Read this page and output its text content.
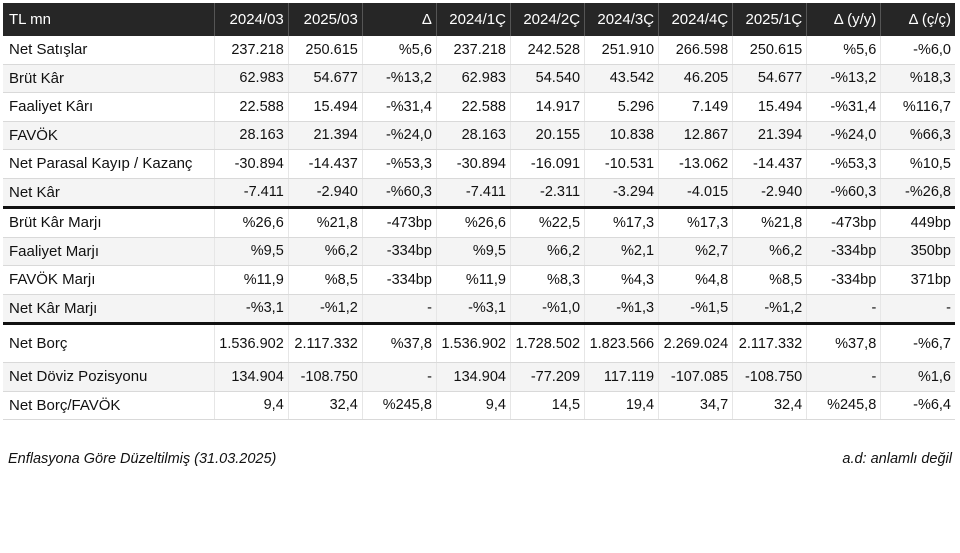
TL mn	2024/03	2025/03	Δ	2024/1Ç	2024/2Ç	2024/3Ç	2024/4Ç	2025/1Ç	Δ (y/y)	Δ (ç/ç)
Net Satışlar	237.218	250.615	%5,6	237.218	242.528	251.910	266.598	250.615	%5,6	-%6,0
Brüt Kâr	62.983	54.677	-%13,2	62.983	54.540	43.542	46.205	54.677	-%13,2	%18,3
Faaliyet Kârı	22.588	15.494	-%31,4	22.588	14.917	5.296	7.149	15.494	-%31,4	%116,7
FAVÖK	28.163	21.394	-%24,0	28.163	20.155	10.838	12.867	21.394	-%24,0	%66,3
Net Parasal Kayıp / Kazanç	-30.894	-14.437	-%53,3	-30.894	-16.091	-10.531	-13.062	-14.437	-%53,3	%10,5
Net Kâr	-7.411	-2.940	-%60,3	-7.411	-2.311	-3.294	-4.015	-2.940	-%60,3	-%26,8
Brüt Kâr Marjı	%26,6	%21,8	-473bp	%26,6	%22,5	%17,3	%17,3	%21,8	-473bp	449bp
Faaliyet Marjı	%9,5	%6,2	-334bp	%9,5	%6,2	%2,1	%2,7	%6,2	-334bp	350bp
FAVÖK Marjı	%11,9	%8,5	-334bp	%11,9	%8,3	%4,3	%4,8	%8,5	-334bp	371bp
Net Kâr Marjı	-%3,1	-%1,2	-	-%3,1	-%1,0	-%1,3	-%1,5	-%1,2	-	-
Net Borç	1.536.902	2.117.332	%37,8	1.536.902	1.728.502	1.823.566	2.269.024	2.117.332	%37,8	-%6,7
Net Döviz Pozisyonu	134.904	-108.750	-	134.904	-77.209	117.119	-107.085	-108.750	-	%1,6
Net Borç/FAVÖK	9,4	32,4	%245,8	9,4	14,5	19,4	34,7	32,4	%245,8	-%6,4
Enflasyona Göre Düzeltilmiş (31.03.2025)	a.d: anlamlı değil
